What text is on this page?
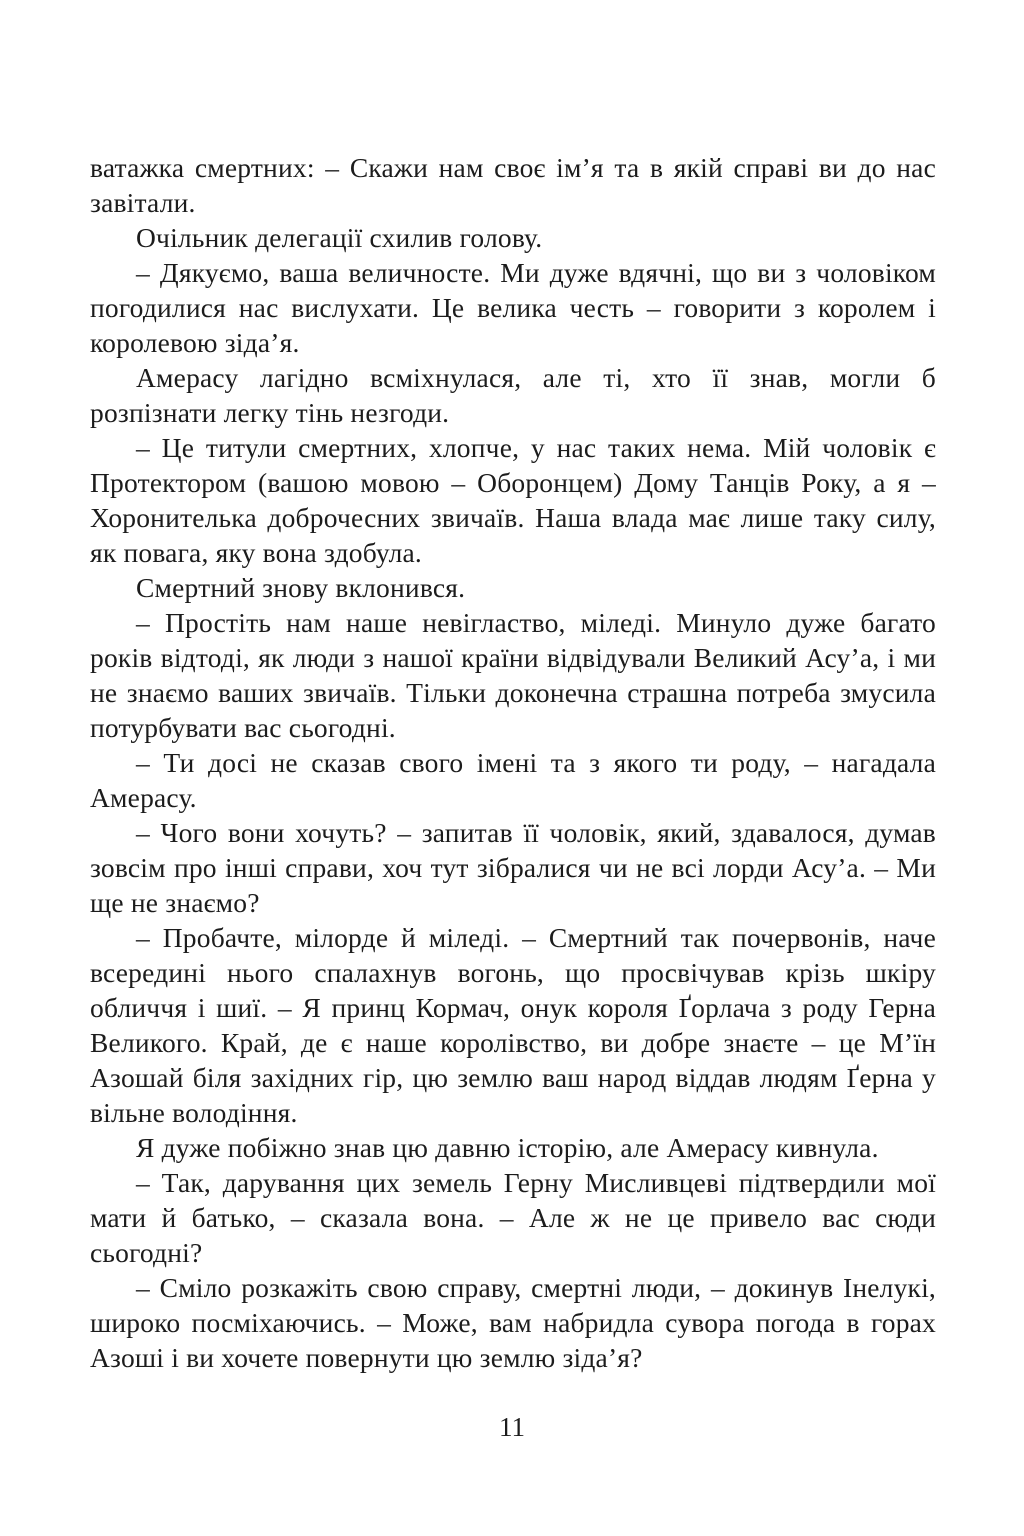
ватажка смертних: – Скажи нам своє ім’я та в якій справі ви до нас завітали.

Очільник делегації схилив голову.

– Дякуємо, ваша величносте. Ми дуже вдячні, що ви з чоловіком погодилися нас вислухати. Це велика честь – говорити з королем і королевою зіда’я.

Амерасу лагідно всміхнулася, але ті, хто її знав, могли б розпізнати легку тінь незгоди.

– Це титули смертних, хлопче, у нас таких нема. Мій чоловік є Протектором (вашою мовою – Оборонцем) Дому Танців Року, а я – Хоронителька доброчесних звичаїв. Наша влада має лише таку силу, як повага, яку вона здобула.

Смертний знову вклонився.

– Простіть нам наше невігластво, міледі. Минуло дуже багато років відтоді, як люди з нашої країни відвідували Великий Асу’а, і ми не знаємо ваших звичаїв. Тільки доконечна страшна потреба змусила потурбувати вас сьогодні.

– Ти досі не сказав свого імені та з якого ти роду, – нагадала Амерасу.

– Чого вони хочуть? – запитав її чоловік, який, здавалося, думав зовсім про інші справи, хоч тут зібралися чи не всі лорди Асу’а. – Ми ще не знаємо?

– Пробачте, мілорде й міледі. – Смертний так почервонів, наче всередині нього спалахнув вогонь, що просвічував крізь шкіру обличчя і шиї. – Я принц Кормач, онук короля Ґорлача з роду Герна Великого. Край, де є наше королівство, ви добре знаєте – це М’їн Азошай біля західних гір, цю землю ваш народ віддав людям Ґерна у вільне володіння.

Я дуже побіжно знав цю давню історію, але Амерасу кивнула.

– Так, дарування цих земель Герну Мисливцеві підтвердили мої мати й батько, – сказала вона. – Але ж не це привело вас сюди сьогодні?

– Сміло розкажіть свою справу, смертні люди, – докинув Інелукі, широко посміхаючись. – Може, вам набридла сувора погода в горах Азоші і ви хочете повернути цю землю зіда’я?

11
